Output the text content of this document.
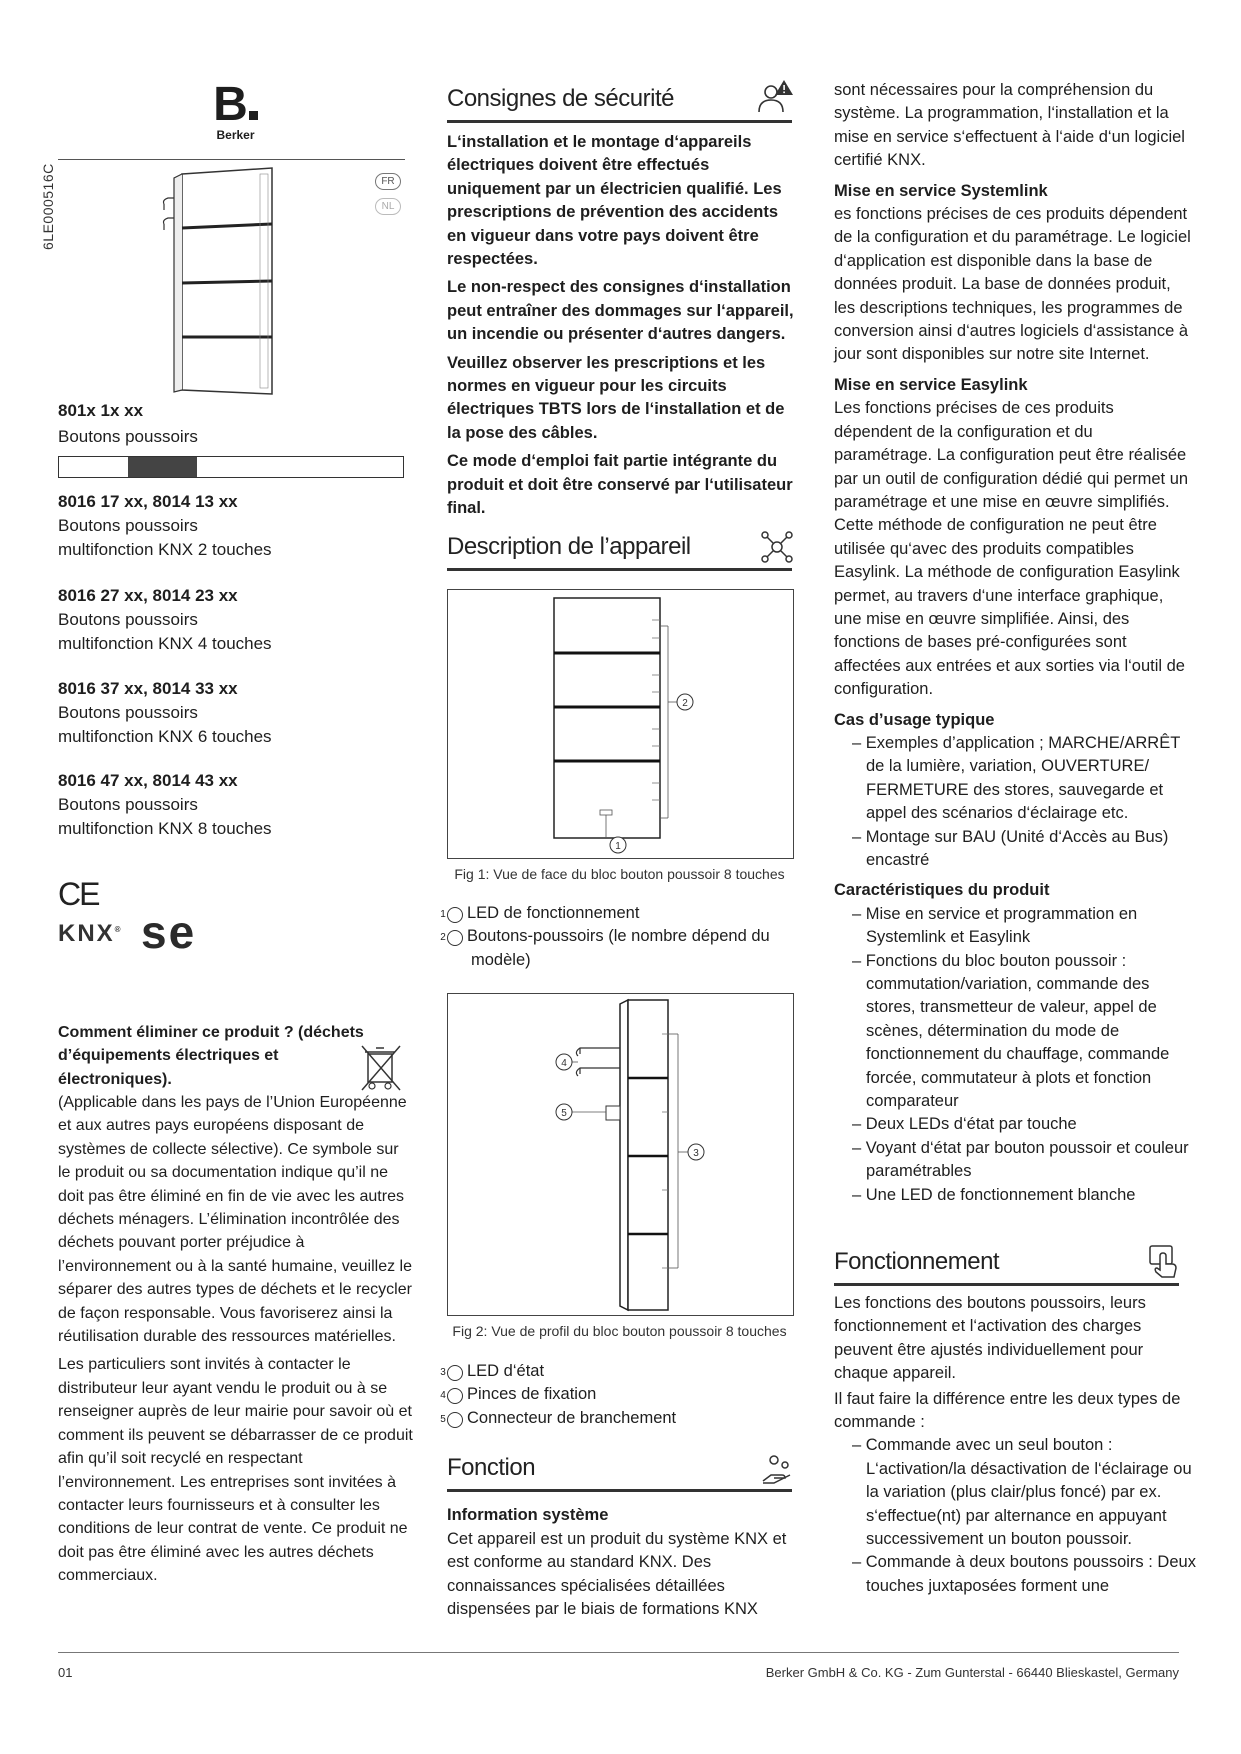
B
Berker
6LE000516C	FR
NL

801x 1x xx

Boutons poussoirs

8016 17 xx, 8014 13 xx

Boutons poussoirs

multifonction KNX 2 touches

8016 27 xx, 8014 23 xx

Boutons poussoirs

multifonction KNX 4 touches

8016 37 xx, 8014 33 xx

Boutons poussoirs

multifonction KNX 6 touches

8016 47 xx, 8014 43 xx

Boutons poussoirs

multifonction KNX 8 touches

CE
KNX® se
Comment éliminer ce produit ? (déchets d’équipements électriques et électroniques).

(Applicable dans les pays de l’Union Européenne et aux autres pays européens disposant de systèmes de collecte sélective). Ce symbole sur le produit ou sa documentation indique qu’il ne doit pas être éliminé en fin de vie avec les autres déchets ménagers. L’élimination incontrôlée des déchets pouvant porter préjudice à l’environnement ou à la santé humaine, veuillez le séparer des autres types de déchets et le recycler de façon responsable. Vous favoriserez ainsi la réutilisation durable des ressources matérielles.

Les particuliers sont invités à contacter le distributeur leur ayant vendu le produit ou à se renseigner auprès de leur mairie pour savoir où et comment ils peuvent se débarrasser de ce produit afin qu’il soit recyclé en respectant l’environnement. Les entreprises sont invitées à contacter leurs fournisseurs et à consulter les conditions de leur contrat de vente. Ce produit ne doit pas être éliminé avec les autres déchets commerciaux.

Consignes de sécurité

L‘installation et le montage d‘appareils électriques doivent être effectués uniquement par un électricien qualifié. Les prescriptions de prévention des accidents en vigueur dans votre pays doivent être respectées.

Le non-respect des consignes d‘installation peut entraîner des dommages sur l‘appareil, un incendie ou présenter d‘autres dangers.

Veuillez observer les prescriptions et les normes en vigueur pour les circuits électriques TBTS lors de l‘installation et de la pose des câbles.

Ce mode d‘emploi fait partie intégrante du produit et doit être conservé par l‘utilisateur final.

Description de l’appareil
2
1
Fig 1: Vue de face du bloc bouton poussoir 8 touches
1 LED de fonctionnement
2 Boutons-poussoirs (le nombre dépend du modèle)
4
5
3
Fig 2: Vue de profil du bloc bouton poussoir 8 touches
3 LED d‘état
4 Pinces de fixation
5 Connecteur de branchement
Fonction
Information système
Cet appareil est un produit du système KNX et est conforme au standard KNX. Des connaissances spécialisées détaillées dispensées par le biais de formations KNX

sont nécessaires pour la compréhension du système. La programmation, l‘installation et la mise en service s‘effectuent à l‘aide d‘un logiciel certifié KNX.

Mise en service Systemlink

es fonctions précises de ces produits dépendent de la configuration et du paramétrage. Le logiciel d‘application est disponible dans la base de données produit. La base de données produit, les descriptions techniques, les programmes de conversion ainsi d‘autres logiciels d‘assistance à jour sont disponibles sur notre site Internet.

Mise en service Easylink

Les fonctions précises de ces produits dépendent de la configuration et du paramétrage. La configuration peut être réalisée par un outil de configuration dédié qui permet un paramétrage et une mise en œuvre simplifiés.

Cette méthode de configuration ne peut être utilisée qu‘avec des produits compatibles Easylink. La méthode de configuration Easylink permet, au travers d‘une interface graphique, une mise en œuvre simplifiée. Ainsi, des fonctions de bases pré-configurées sont affectées aux entrées et aux sorties via l‘outil de configuration.

Cas d’usage typique

– Exemples d’application ; MARCHE/ARRÊT de la lumière, variation, OUVERTURE/ FERMETURE des stores, sauvegarde et appel des scénarios d‘éclairage etc.
– Montage sur BAU (Unité d‘Accès au Bus) encastré

Caractéristiques du produit

– Mise en service et programmation en Systemlink et Easylink
– Fonctions du bloc bouton poussoir : commutation/variation, commande des stores, transmetteur de valeur, appel de scènes, détermination du mode de fonctionnement du chauffage, commande forcée, commutateur à plots et fonction comparateur
– Deux LEDs d‘état par touche
– Voyant d‘état par bouton poussoir et couleur paramétrables
– Une LED de fonctionnement blanche
Fonctionnement

Les fonctions des boutons poussoirs, leurs fonctionnement et l‘activation des charges peuvent être ajustés individuellement pour chaque appareil.

Il faut faire la différence entre les deux types de commande :

– Commande avec un seul bouton : L‘activation/la désactivation de l‘éclairage ou la variation (plus clair/plus foncé) par ex. s‘effectue(nt) par alternance en appuyant successivement un bouton poussoir.
– Commande à deux boutons poussoirs : Deux touches juxtaposées forment une
01	Berker GmbH & Co. KG - Zum Gunterstal - 66440 Blieskastel, Germany
